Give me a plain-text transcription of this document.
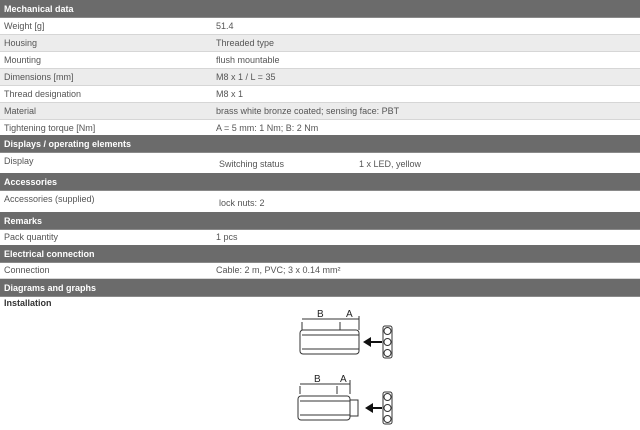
Mechanical data
Weight [g]	51.4
Housing	Threaded type
Mounting	flush mountable
Dimensions [mm]	M8 x 1 / L = 35
Thread designation	M8 x 1
Material	brass white bronze coated; sensing face: PBT
Tightening torque [Nm]	A = 5 mm: 1 Nm; B: 2 Nm
Displays / operating elements
Display	Switching status	1 x LED, yellow
Accessories
Accessories (supplied)	lock nuts: 2
Remarks
Pack quantity	1 pcs
Electrical connection
Connection	Cable: 2 m, PVC; 3 x 0.14 mm²
Diagrams and graphs
Installation
B A
B A
